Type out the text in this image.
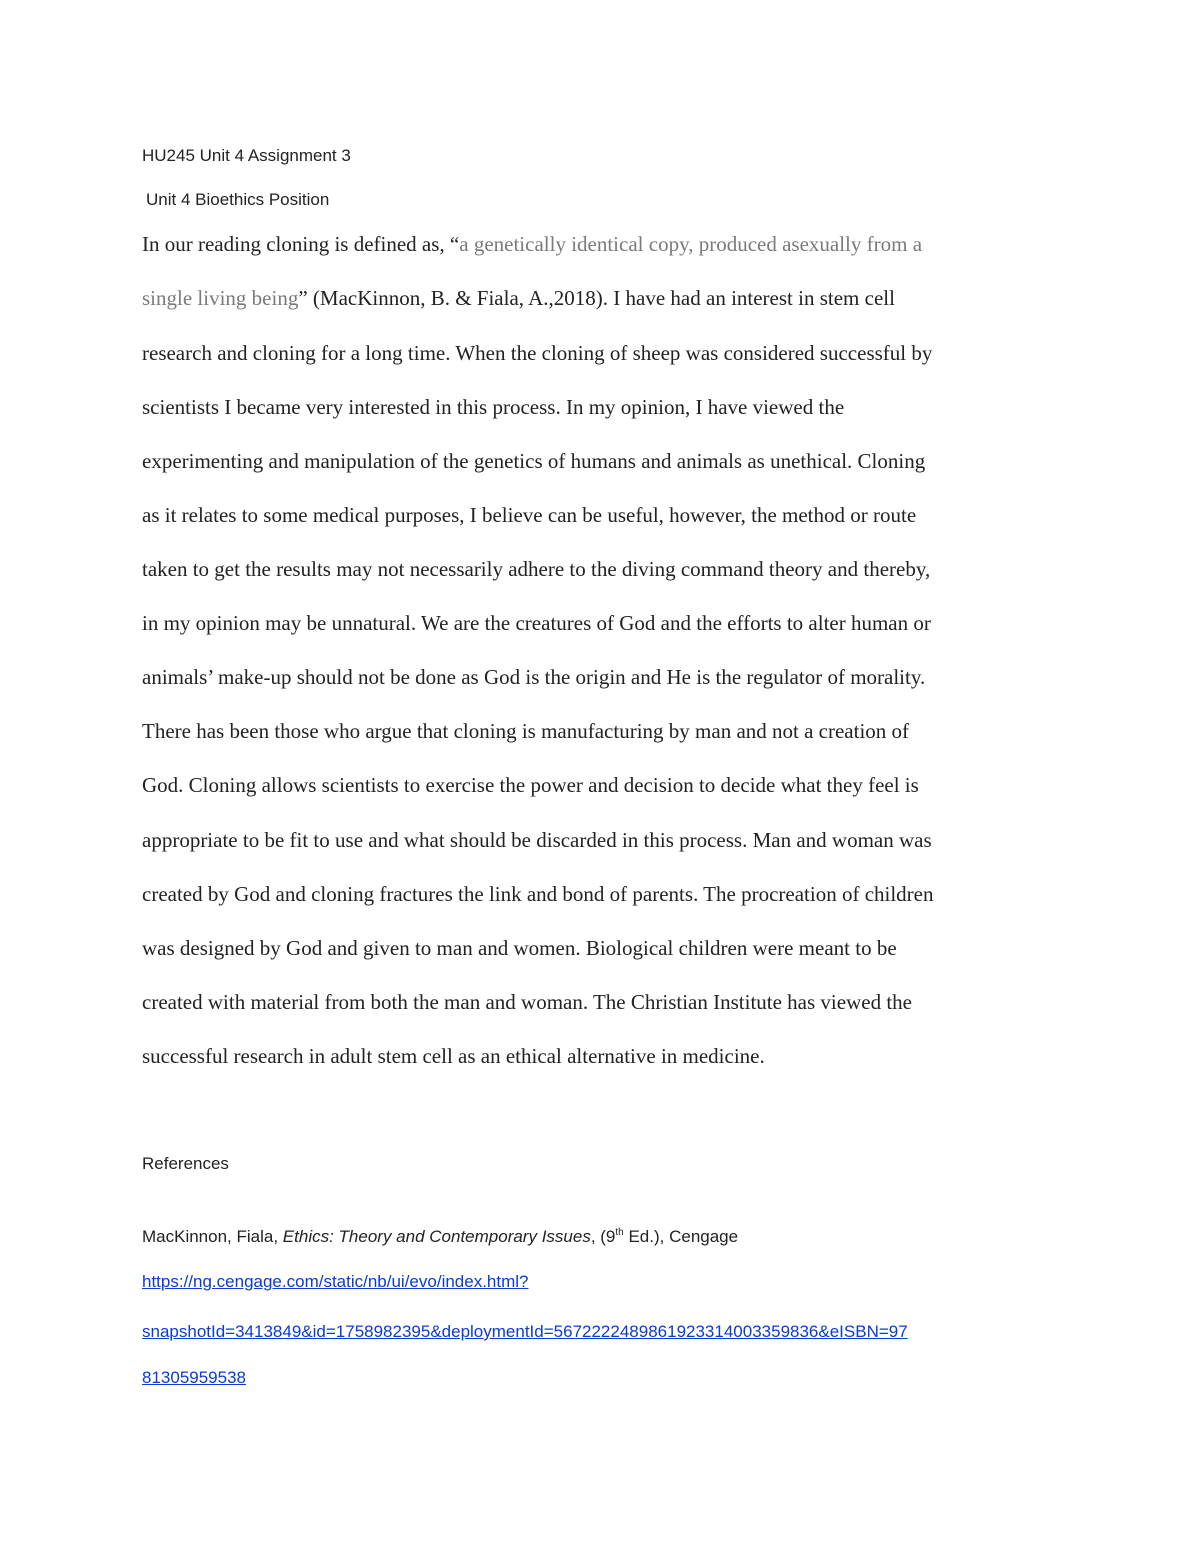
HU245 Unit 4 Assignment 3
Unit 4 Bioethics Position
In our reading cloning is defined as, “a genetically identical copy, produced asexually from a
single living being” (MacKinnon, B. & Fiala, A.,2018). I have had an interest in stem cell
research and cloning for a long time. When the cloning of sheep was considered successful by
scientists I became very interested in this process. In my opinion, I have viewed the
experimenting and manipulation of the genetics of humans and animals as unethical. Cloning
as it relates to some medical purposes, I believe can be useful, however, the method or route
taken to get the results may not necessarily adhere to the diving command theory and thereby,
in my opinion may be unnatural. We are the creatures of God and the efforts to alter human or
animals’ make-up should not be done as God is the origin and He is the regulator of morality.
There has been those who argue that cloning is manufacturing by man and not a creation of
God. Cloning allows scientists to exercise the power and decision to decide what they feel is
appropriate to be fit to use and what should be discarded in this process. Man and woman was
created by God and cloning fractures the link and bond of parents. The procreation of children
was designed by God and given to man and women. Biological children were meant to be
created with material from both the man and woman. The Christian Institute has viewed the
successful research in adult stem cell as an ethical alternative in medicine.
References
MacKinnon, Fiala, Ethics: Theory and Contemporary Issues, (9th Ed.), Cengage
https://ng.cengage.com/static/nb/ui/evo/index.html?
snapshotId=3413849&id=1758982395&deploymentId=5672222489861923314003359836&eISBN=97
81305959538
